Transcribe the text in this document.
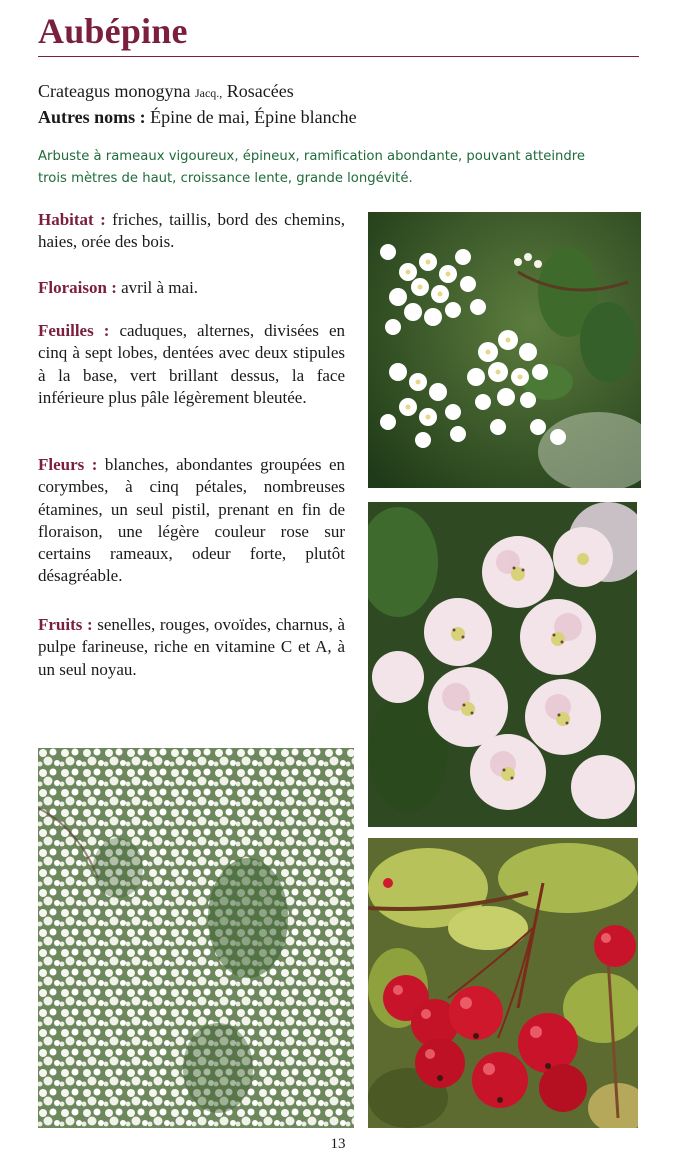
Aubépine
Crateagus monogyna Jacq., Rosacées
Autres noms : Épine de mai, Épine blanche

Arbuste à rameaux vigoureux, épineux, ramification abondante, pouvant atteindre

trois mètres de haut, croissance lente, grande longévité.

Habitat : friches, taillis, bord des chemins, haies, orée des bois.
Floraison : avril à mai.
Feuilles : caduques, alternes, divisées en cinq à sept lobes, dentées avec deux stipules à la base, vert brillant dessus, la face inférieure plus pâle légèrement bleutée.
Fleurs : blanches, abondantes groupées en corymbes, à cinq pétales, nombreuses étamines, un seul pistil, prenant en fin de floraison, une légère couleur rose sur certains rameaux, odeur forte, plutôt désagréable.
Fruits : senelles, rouges, ovoïdes, charnus, à pulpe farineuse, riche en vitamine C et A, à un seul noyau.
13
